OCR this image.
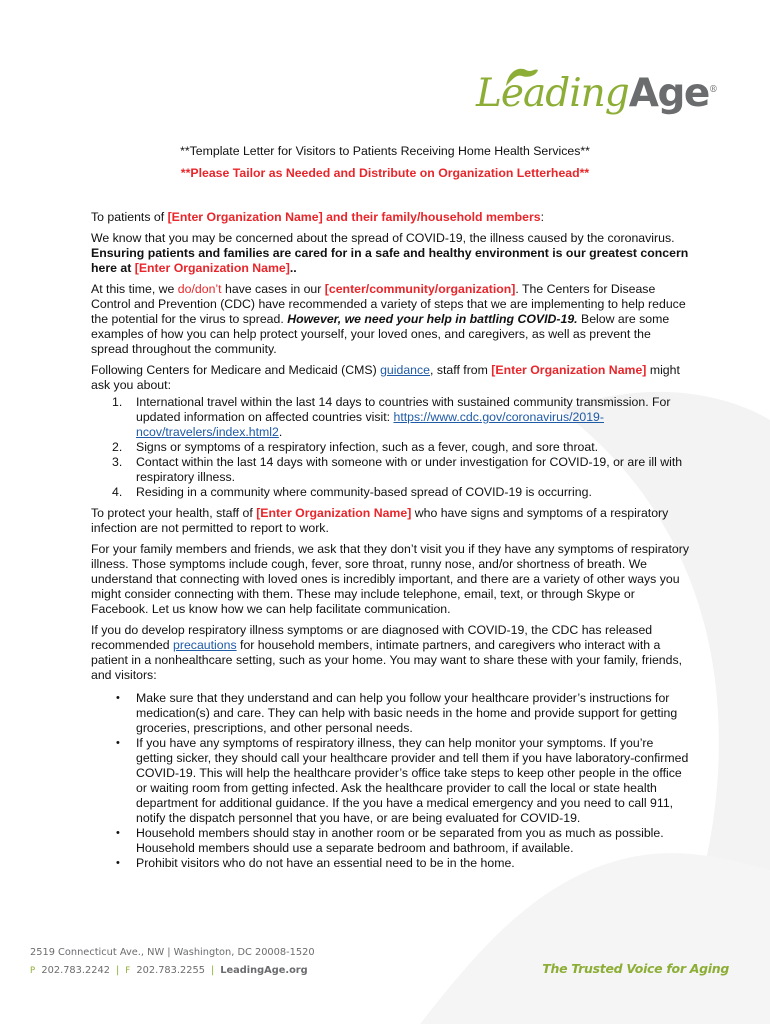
LeadingAge®
**Template Letter for Visitors to Patients Receiving Home Health Services**
**Please Tailor as Needed and Distribute on Organization Letterhead**

To patients of [Enter Organization Name] and their family/household members:

We know that you may be concerned about the spread of COVID-19, the illness caused by the coronavirus. Ensuring patients and families are cared for in a safe and healthy environment is our greatest concern here at [Enter Organization Name]..

At this time, we do/don’t have cases in our [center/community/organization]. The Centers for Disease Control and Prevention (CDC) have recommended a variety of steps that we are implementing to help reduce the potential for the virus to spread. However, we need your help in battling COVID-19. Below are some examples of how you can help protect yourself, your loved ones, and caregivers, as well as prevent the spread throughout the community.

Following Centers for Medicare and Medicaid (CMS) guidance, staff from [Enter Organization Name] might ask you about:

1. International travel within the last 14 days to countries with sustained community transmission. For updated information on affected countries visit: https://www.cdc.gov/coronavirus/2019-ncov/travelers/index.html2.
2. Signs or symptoms of a respiratory infection, such as a fever, cough, and sore throat.
3. Contact within the last 14 days with someone with or under investigation for COVID-19, or are ill with respiratory illness.
4. Residing in a community where community-based spread of COVID-19 is occurring.

To protect your health, staff of [Enter Organization Name] who have signs and symptoms of a respiratory infection are not permitted to report to work.

For your family members and friends, we ask that they don’t visit you if they have any symptoms of respiratory illness. Those symptoms include cough, fever, sore throat, runny nose, and/or shortness of breath. We understand that connecting with loved ones is incredibly important, and there are a variety of other ways you might consider connecting with them. These may include telephone, email, text, or through Skype or Facebook. Let us know how we can help facilitate communication.

If you do develop respiratory illness symptoms or are diagnosed with COVID-19, the CDC has released recommended precautions for household members, intimate partners, and caregivers who interact with a patient in a nonhealthcare setting, such as your home. You may want to share these with your family, friends, and visitors:

• Make sure that they understand and can help you follow your healthcare provider’s instructions for medication(s) and care. They can help with basic needs in the home and provide support for getting groceries, prescriptions, and other personal needs.
• If you have any symptoms of respiratory illness, they can help monitor your symptoms. If you’re getting sicker, they should call your healthcare provider and tell them if you have laboratory-confirmed COVID-19. This will help the healthcare provider’s office take steps to keep other people in the office or waiting room from getting infected. Ask the healthcare provider to call the local or state health department for additional guidance. If the you have a medical emergency and you need to call 911, notify the dispatch personnel that you have, or are being evaluated for COVID-19.
• Household members should stay in another room or be separated from you as much as possible. Household members should use a separate bedroom and bathroom, if available.
• Prohibit visitors who do not have an essential need to be in the home.
2519 Connecticut Ave., NW | Washington, DC 20008-1520
P 202.783.2242 | F 202.783.2255 | LeadingAge.org	The Trusted Voice for Aging
